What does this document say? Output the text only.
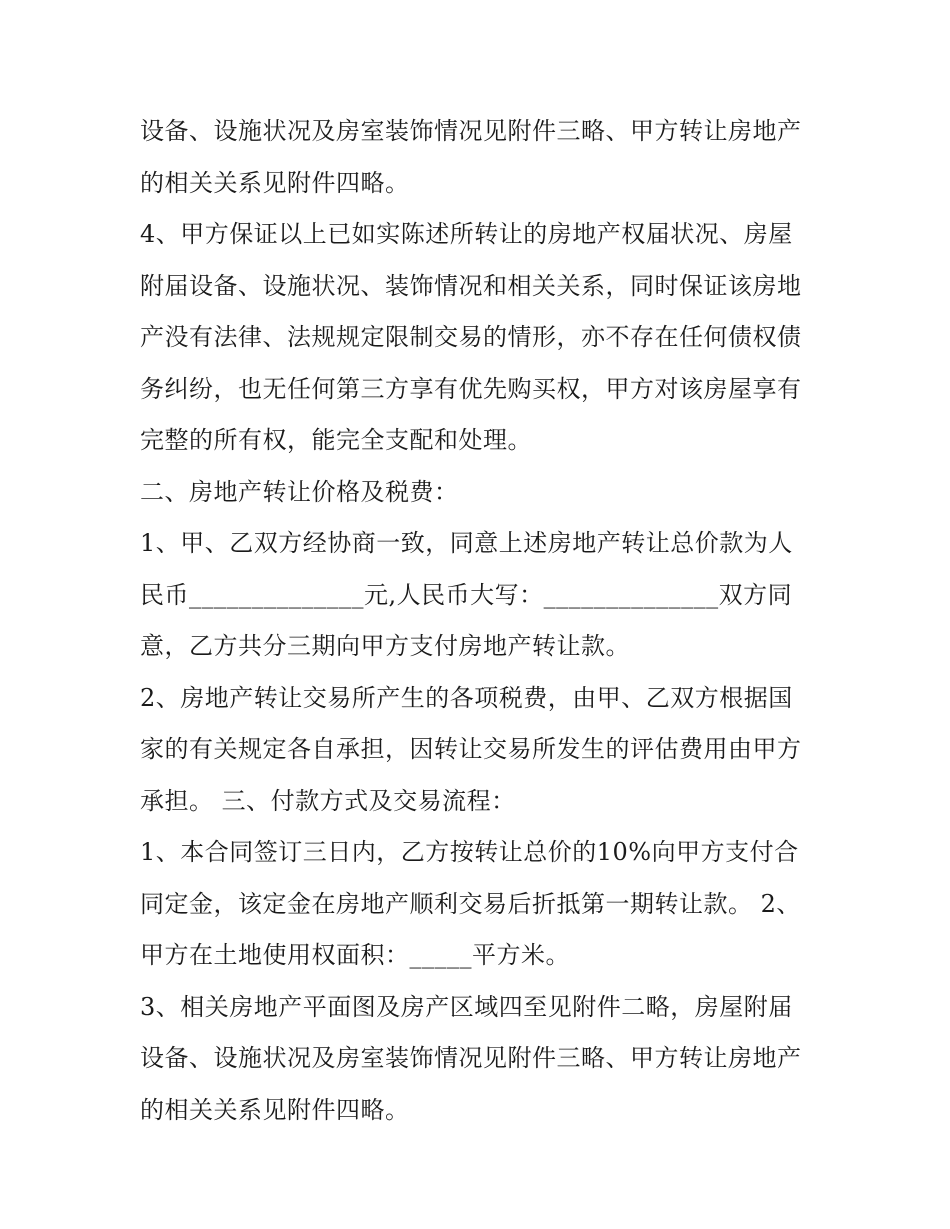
设备、设施状况及房室装饰情况见附件三略、甲方转让房地产
的相关关系见附件四略。
4、甲方保证以上已如实陈述所转让的房地产权届状况、房屋
附届设备、设施状况、装饰情况和相关关系，同时保证该房地
产没有法律、法规规定限制交易的情形，亦不存在任何债权债
务纠纷，也无任何第三方享有优先购买权，甲方对该房屋享有
完整的所有权，能完全支配和处理。
二、房地产转让价格及税费：
1、甲、乙双方经协商一致，同意上述房地产转让总价款为人
民币______________元,人民币大写：______________双方同
意，乙方共分三期向甲方支付房地产转让款。
2、房地产转让交易所产生的各项税费，由甲、乙双方根据国
家的有关规定各自承担，因转让交易所发生的评估费用由甲方
承担。 三、付款方式及交易流程：
1、本合同签订三日内，乙方按转让总价的10%向甲方支付合
同定金，该定金在房地产顺利交易后折抵第一期转让款。 2、
甲方在土地使用权面积：_____平方米。
3、相关房地产平面图及房产区域四至见附件二略，房屋附届
设备、设施状况及房室装饰情况见附件三略、甲方转让房地产
的相关关系见附件四略。
